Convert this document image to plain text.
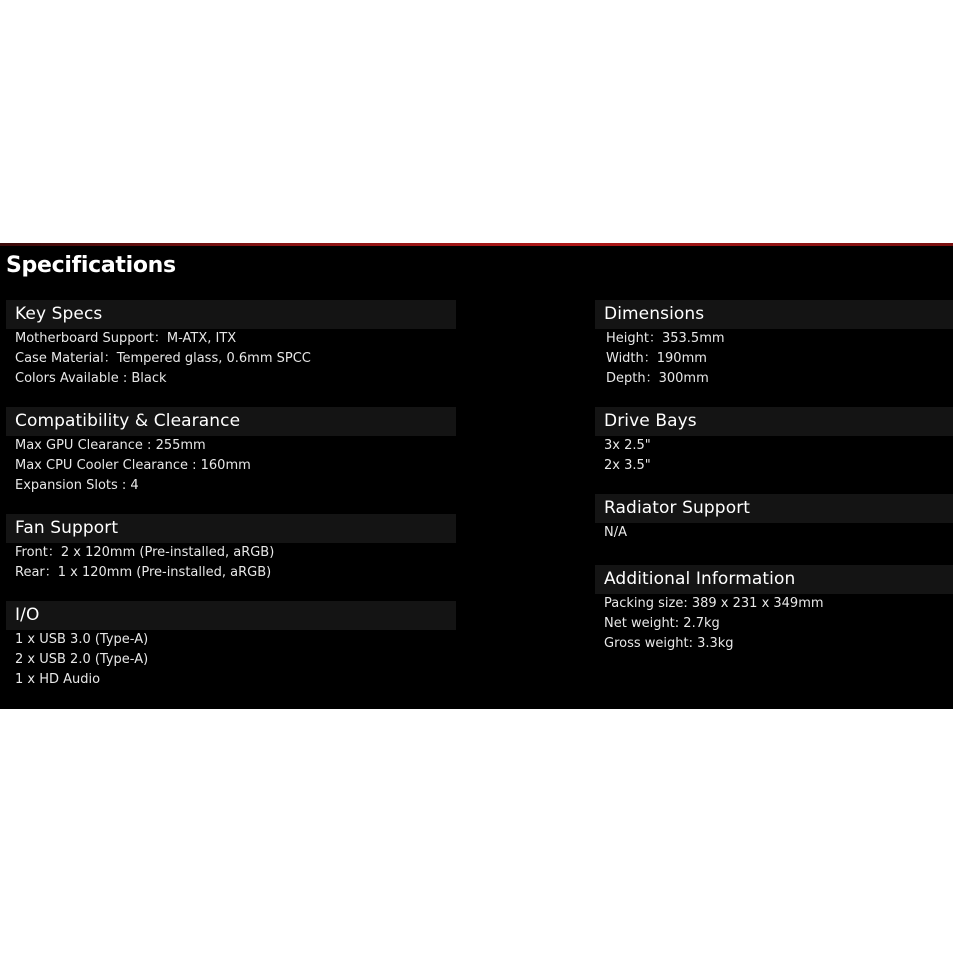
Specifications
Key Specs
Motherboard Support：M-ATX, ITX
Case Material：Tempered glass, 0.6mm SPCC
Colors Available : Black
Compatibility & Clearance
Max GPU Clearance : 255mm
Max CPU Cooler Clearance : 160mm
Expansion Slots : 4
Fan Support
Front：2 x 120mm (Pre-installed, aRGB)
Rear：1 x 120mm (Pre-installed, aRGB)
I/O
1 x USB 3.0 (Type-A)
2 x USB 2.0 (Type-A)
1 x HD Audio
Dimensions
Height：353.5mm
Width：190mm
Depth：300mm
Drive Bays
3x 2.5"
2x 3.5"
Radiator Support
N/A
Additional Information
Packing size: 389 x 231 x 349mm
Net weight: 2.7kg
Gross weight: 3.3kg
